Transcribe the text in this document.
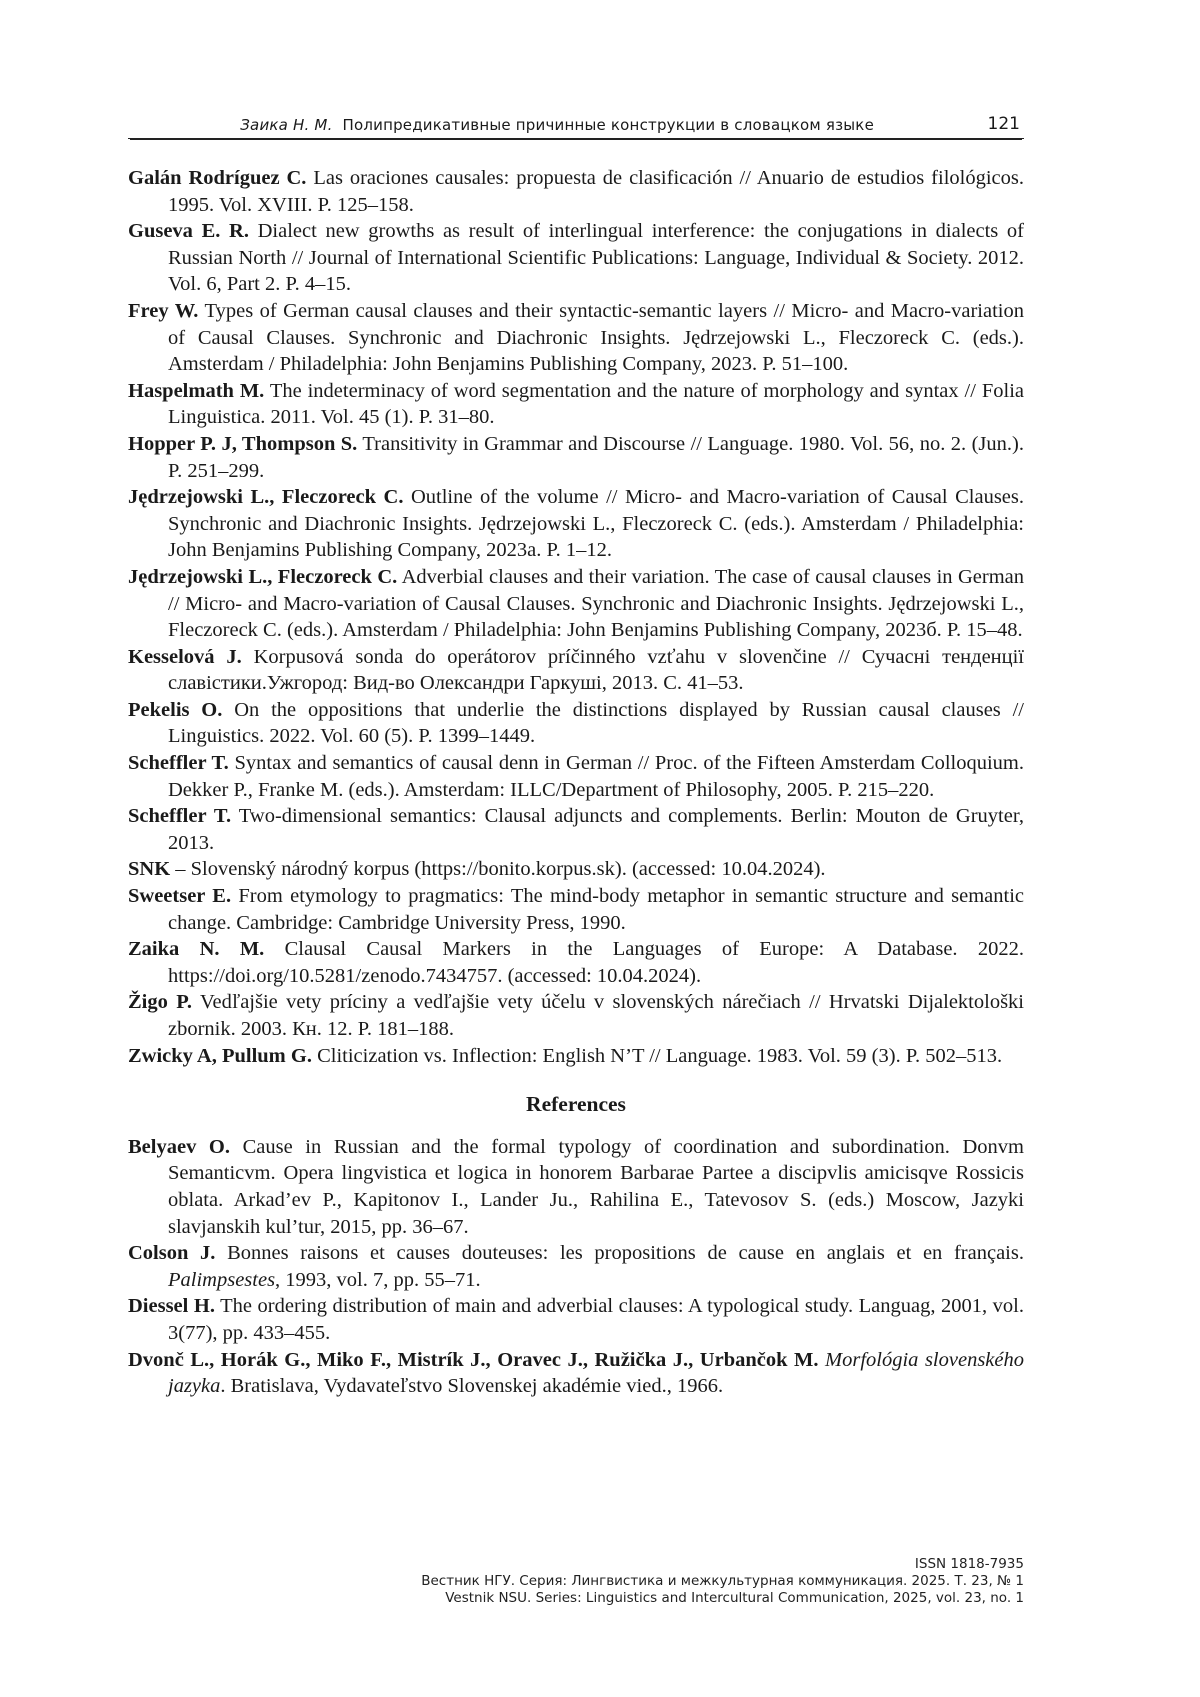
Заика Н. М. Полипредикативные причинные конструкции в словацком языке	121

Galán Rodríguez C. Las oraciones causales: propuesta de clasificación // Anuario de estudios filológicos. 1995. Vol. XVIII. P. 125–158.

Guseva E. R. Dialect new growths as result of interlingual interference: the conjugations in dialects of Russian North // Journal of International Scientific Publications: Language, Individual & Society. 2012. Vol. 6, Part 2. P. 4–15.

Frey W. Types of German causal clauses and their syntactic-semantic layers // Micro- and Macro-variation of Causal Clauses. Synchronic and Diachronic Insights. Jędrzejowski L., Fleczoreck C. (eds.). Amsterdam / Philadelphia: John Benjamins Publishing Company, 2023. P. 51–100.

Haspelmath M. The indeterminacy of word segmentation and the nature of morphology and syntax // Folia Linguistica. 2011. Vol. 45 (1). P. 31–80.

Hopper P. J, Thompson S. Transitivity in Grammar and Discourse // Language. 1980. Vol. 56, no. 2. (Jun.). P. 251–299.

Jędrzejowski L., Fleczoreck C. Outline of the volume // Micro- and Macro-variation of Causal Clauses. Synchronic and Diachronic Insights. Jędrzejowski L., Fleczoreck C. (eds.). Amsterdam / Philadelphia: John Benjamins Publishing Company, 2023a. P. 1–12.

Jędrzejowski L., Fleczoreck C. Adverbial clauses and their variation. The case of causal clauses in German // Micro- and Macro-variation of Causal Clauses. Synchronic and Diachronic Insights. Jędrzejowski L., Fleczoreck C. (eds.). Amsterdam / Philadelphia: John Benjamins Publishing Company, 2023б. P. 15–48.

Kesselová J. Korpusová sonda do operátorov príčinného vzťahu v slovenčine // Сучасні тенденції славістики.Ужгород: Вид-во Олександри Гаркуші, 2013. C. 41–53.

Pekelis O. On the oppositions that underlie the distinctions displayed by Russian causal clauses // Linguistics. 2022. Vol. 60 (5). P. 1399–1449.

Scheffler T. Syntax and semantics of causal denn in German // Proc. of the Fifteen Amsterdam Colloquium. Dekker P., Franke M. (eds.). Amsterdam: ILLC/Department of Philosophy, 2005. P. 215–220.

Scheffler T. Two-dimensional semantics: Clausal adjuncts and complements. Berlin: Mouton de Gruyter, 2013.

SNK – Slovenský národný korpus (https://bonito.korpus.sk). (accessed: 10.04.2024).

Sweetser E. From etymology to pragmatics: The mind-body metaphor in semantic structure and semantic change. Cambridge: Cambridge University Press, 1990.

Zaika N. M. Clausal Causal Markers in the Languages of Europe: A Database. 2022. https://doi.org/10.5281/zenodo.7434757. (accessed: 10.04.2024).

Žigo P. Vedľajšie vety príciny a vedľajšie vety účelu v slovenských nárečiach // Hrvatski Dijalektološki zbornik. 2003. Кн. 12. P. 181–188.

Zwicky A, Pullum G. Cliticization vs. Inflection: English N’T // Language. 1983. Vol. 59 (3). P. 502–513.

References

Belyaev O. Cause in Russian and the formal typology of coordination and subordination. Donvm Semanticvm. Opera lingvistica et logica in honorem Barbarae Partee a discipvlis amicisqve Rossicis oblata. Arkad’ev P., Kapitonov I., Lander Ju., Rahilina E., Tatevosov S. (eds.) Moscow, Jazyki slavjanskih kul’tur, 2015, pp. 36–67.

Colson J. Bonnes raisons et causes douteuses: les propositions de cause en anglais et en français. Palimpsestes, 1993, vol. 7, pp. 55–71.

Diessel H. The ordering distribution of main and adverbial clauses: A typological study. Languag, 2001, vol. 3(77), pp. 433–455.

Dvonč L., Horák G., Miko F., Mistrík J., Oravec J., Ružička J., Urbančok M. Morfológia slovenského jazyka. Bratislava, Vydavateľstvo Slovenskej akadémie vied., 1966.

ISSN 1818-7935
Вестник НГУ. Серия: Лингвистика и межкультурная коммуникация. 2025. Т. 23, № 1
Vestnik NSU. Series: Linguistics and Intercultural Communication, 2025, vol. 23, no. 1
